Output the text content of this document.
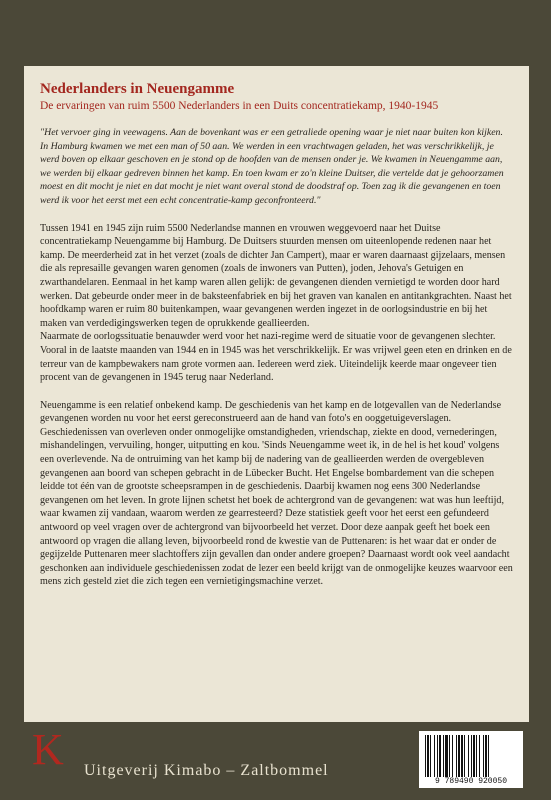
Nederlanders in Neuengamme
De ervaringen van ruim 5500 Nederlanders in een Duits concentratiekamp, 1940-1945

"Het vervoer ging in veewagens. Aan de bovenkant was er een getraliede opening waar je niet naar buiten kon kijken. In Hamburg kwamen we met een man of 50 aan. We werden in een vrachtwagen geladen, het was verschrikkelijk, je werd boven op elkaar geschoven en je stond op de hoofden van de mensen onder je. We kwamen in Neuengamme aan, we werden bij elkaar gedreven binnen het kamp. En toen kwam er zo'n kleine Duitser, die vertelde dat je gehoorzamen moest en dit mocht je niet en dat mocht je niet want overal stond de doodstraf op. Toen zag ik die gevangenen en toen werd ik voor het eerst met een echt concentratie-kamp geconfronteerd."

Tussen 1941 en 1945 zijn ruim 5500 Nederlandse mannen en vrouwen weggevoerd naar het Duitse concentratiekamp Neuengamme bij Hamburg. De Duitsers stuurden mensen om uiteenlopende redenen naar het kamp. De meerderheid zat in het verzet (zoals de dichter Jan Campert), maar er waren daarnaast gijzelaars, mensen die als represaille gevangen waren genomen (zoals de inwoners van Putten), joden, Jehova's Getuigen en zwarthandelaren. Eenmaal in het kamp waren allen gelijk: de gevangenen dienden vernietigd te worden door hard werken. Dat gebeurde onder meer in de baksteenfabriek en bij het graven van kanalen en antitankgrachten. Naast het hoofdkamp waren er ruim 80 buitenkampen, waar gevangenen werden ingezet in de oorlogsindustrie en bij het maken van verdedigingswerken tegen de oprukkende geallieerden.

Naarmate de oorlogssituatie benauwder werd voor het nazi-regime werd de situatie voor de gevangenen slechter. Vooral in de laatste maanden van 1944 en in 1945 was het verschrikkelijk. Er was vrijwel geen eten en drinken en de terreur van de kampbewakers nam grote vormen aan. Iedereen werd ziek. Uiteindelijk keerde maar ongeveer tien procent van de gevangenen in 1945 terug naar Nederland.

Neuengamme is een relatief onbekend kamp. De geschiedenis van het kamp en de lotgevallen van de Nederlandse gevangenen worden nu voor het eerst gereconstrueerd aan de hand van foto's en ooggetuigeverslagen. Geschiedenissen van overleven onder onmogelijke omstandigheden, vriendschap, ziekte en dood, vernederingen, mishandelingen, vervuiling, honger, uitputting en kou. 'Sinds Neuengamme weet ik, in de hel is het koud' volgens een overlevende. Na de ontruiming van het kamp bij de nadering van de geallieerden werden de overgebleven gevangenen aan boord van schepen gebracht in de Lübecker Bucht. Het Engelse bombardement van die schepen leidde tot één van de grootste scheepsrampen in de geschiedenis. Daarbij kwamen nog eens 300 Nederlandse gevangenen om het leven. In grote lijnen schetst het boek de achtergrond van de gevangenen: wat was hun leeftijd, waar kwamen zij vandaan, waarom werden ze gearresteerd? Deze statistiek geeft voor het eerst een gefundeerd antwoord op veel vragen over de achtergrond van bijvoorbeeld het verzet. Door deze aanpak geeft het boek een antwoord op vragen die allang leven, bijvoorbeeld rond de kwestie van de Puttenaren: is het waar dat er onder de gegijzelde Puttenaren meer slachtoffers zijn gevallen dan onder andere groepen? Daarnaast wordt ook veel aandacht geschonken aan individuele geschiedenissen zodat de lezer een beeld krijgt van de onmogelijke keuzes waarvoor een mens zich gesteld ziet die zich tegen een vernietigingsmachine verzet.

K Uitgeverij Kimabo – Zaltbommel
9 789490 920050
